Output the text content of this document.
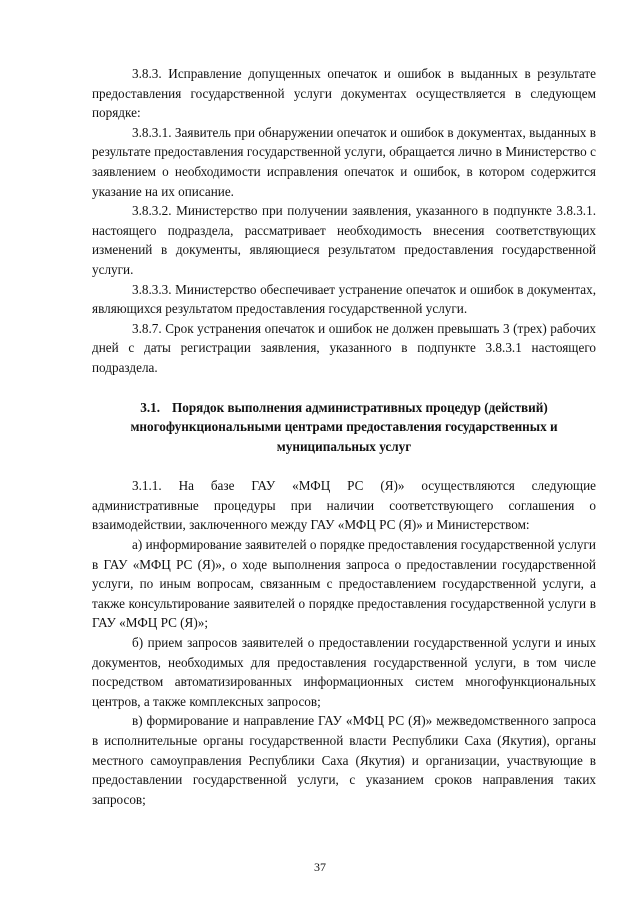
3.8.3. Исправление допущенных опечаток и ошибок в выданных в результате предоставления государственной услуги документах осуществляется в следующем порядке:

3.8.3.1. Заявитель при обнаружении опечаток и ошибок в документах, выданных в результате предоставления государственной услуги, обращается лично в Министерство с заявлением о необходимости исправления опечаток и ошибок, в котором содержится указание на их описание.

3.8.3.2. Министерство при получении заявления, указанного в подпункте 3.8.3.1. настоящего подраздела, рассматривает необходимость внесения соответствующих изменений в документы, являющиеся результатом предоставления государственной услуги.

3.8.3.3. Министерство обеспечивает устранение опечаток и ошибок в документах, являющихся результатом предоставления государственной услуги.

3.8.7. Срок устранения опечаток и ошибок не должен превышать 3 (трех) рабочих дней с даты регистрации заявления, указанного в подпункте 3.8.3.1 настоящего подраздела.

3.1. Порядок выполнения административных процедур (действий) многофункциональными центрами предоставления государственных и муниципальных услуг

3.1.1. На базе ГАУ «МФЦ РС (Я)» осуществляются следующие административные процедуры при наличии соответствующего соглашения о взаимодействии, заключенного между ГАУ «МФЦ РС (Я)» и Министерством:

а) информирование заявителей о порядке предоставления государственной услуги в ГАУ «МФЦ РС (Я)», о ходе выполнения запроса о предоставлении государственной услуги, по иным вопросам, связанным с предоставлением государственной услуги, а также консультирование заявителей о порядке предоставления государственной услуги в ГАУ «МФЦ РС (Я)»;

б) прием запросов заявителей о предоставлении государственной услуги и иных документов, необходимых для предоставления государственной услуги, в том числе посредством автоматизированных информационных систем многофункциональных центров, а также комплексных запросов;

в) формирование и направление ГАУ «МФЦ РС (Я)» межведомственного запроса в исполнительные органы государственной власти Республики Саха (Якутия), органы местного самоуправления Республики Саха (Якутия) и организации, участвующие в предоставлении государственной услуги, с указанием сроков направления таких запросов;

37
